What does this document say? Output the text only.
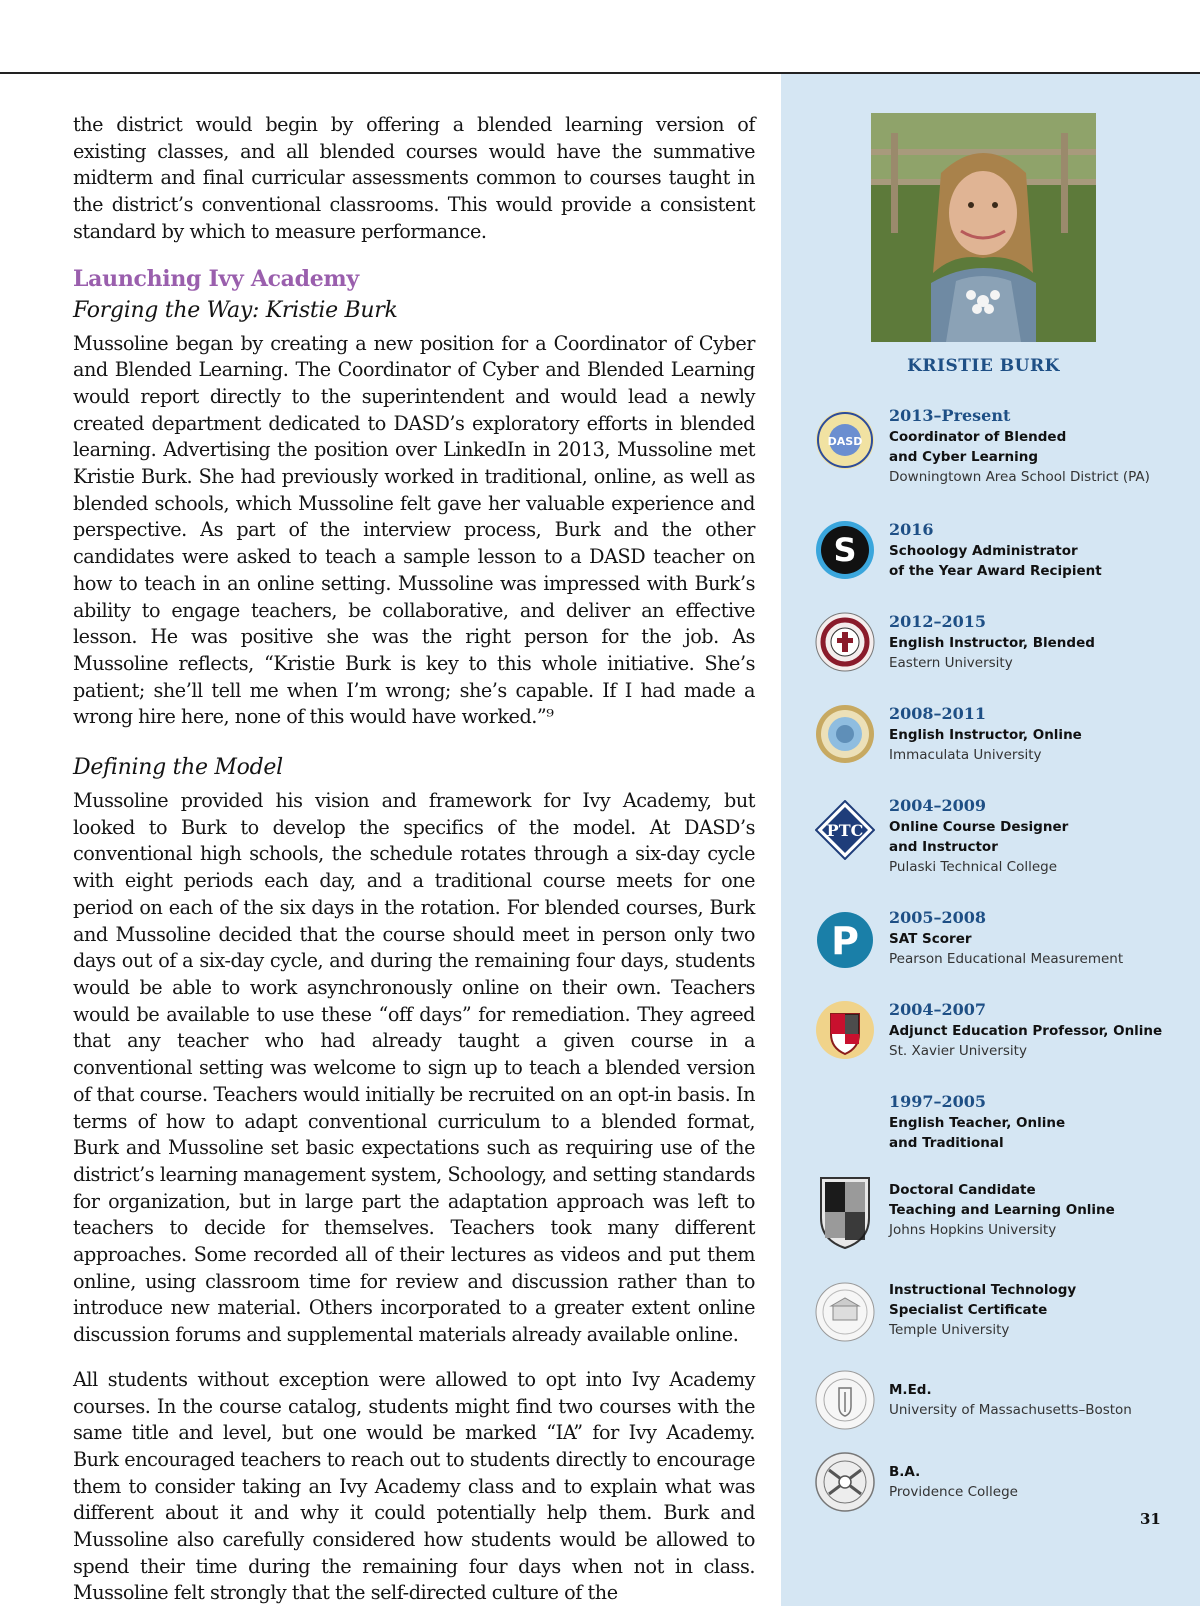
the district would begin by offering a blended learning version of existing classes, and all blended courses would have the summative midterm and final curricular assessments common to courses taught in the district’s conventional classrooms. This would provide a consistent standard by which to measure performance.

Launching Ivy Academy
Forging the Way: Kristie Burk

Mussoline began by creating a new position for a Coordinator of Cyber and Blended Learning. The Coordinator of Cyber and Blended Learning would report directly to the superintendent and would lead a newly created department dedicated to DASD’s exploratory efforts in blended learning. Advertising the position over LinkedIn in 2013, Mussoline met Kristie Burk. She had previously worked in traditional, online, as well as blended schools, which Mussoline felt gave her valuable experience and perspective. As part of the interview process, Burk and the other candidates were asked to teach a sample lesson to a DASD teacher on how to teach in an online setting. Mussoline was impressed with Burk’s ability to engage teachers, be collaborative, and deliver an effective lesson. He was positive she was the right person for the job. As Mussoline reflects, “Kristie Burk is key to this whole initiative. She’s patient; she’ll tell me when I’m wrong; she’s capable. If I had made a wrong hire here, none of this would have worked.”⁹

Defining the Model

Mussoline provided his vision and framework for Ivy Academy, but looked to Burk to develop the specifics of the model. At DASD’s conventional high schools, the schedule rotates through a six-day cycle with eight periods each day, and a traditional course meets for one period on each of the six days in the rotation. For blended courses, Burk and Mussoline decided that the course should meet in person only two days out of a six-day cycle, and during the remaining four days, students would be able to work asynchronously online on their own. Teachers would be available to use these “off days” for remediation. They agreed that any teacher who had already taught a given course in a conventional setting was welcome to sign up to teach a blended version of that course. Teachers would initially be recruited on an opt-in basis. In terms of how to adapt conventional curriculum to a blended format, Burk and Mussoline set basic expectations such as requiring use of the district’s learning management system, Schoology, and setting standards for organization, but in large part the adaptation approach was left to teachers to decide for themselves. Teachers took many different approaches. Some recorded all of their lectures as videos and put them online, using classroom time for review and discussion rather than to introduce new material. Others incorporated to a greater extent online discussion forums and supplemental materials already available online.

All students without exception were allowed to opt into Ivy Academy courses. In the course catalog, students might find two courses with the same title and level, but one would be marked “IA” for Ivy Academy. Burk encouraged teachers to reach out to students directly to encourage them to consider taking an Ivy Academy class and to explain what was different about it and why it could potentially help them. Burk and Mussoline also carefully considered how students would be allowed to spend their time during the remaining four days when not in class. Mussoline felt strongly that the self-directed culture of the

KRISTIE BURK
DASD
2013–Present
Coordinator of Blended
and Cyber Learning
Downingtown Area School District (PA)
S
2016
Schoology Administrator
of the Year Award Recipient
2012–2015
English Instructor, Blended
Eastern University
2008–2011
English Instructor, Online
Immaculata University
PTC
2004–2009
Online Course Designer
and Instructor
Pulaski Technical College
P
2005–2008
SAT Scorer
Pearson Educational Measurement
2004–2007
Adjunct Education Professor, Online
St. Xavier University
1997–2005
English Teacher, Online
and Traditional
Doctoral Candidate
Teaching and Learning Online
Johns Hopkins University
Instructional Technology
Specialist Certificate
Temple University
M.Ed.
University of Massachusetts–Boston
B.A.
Providence College
31
